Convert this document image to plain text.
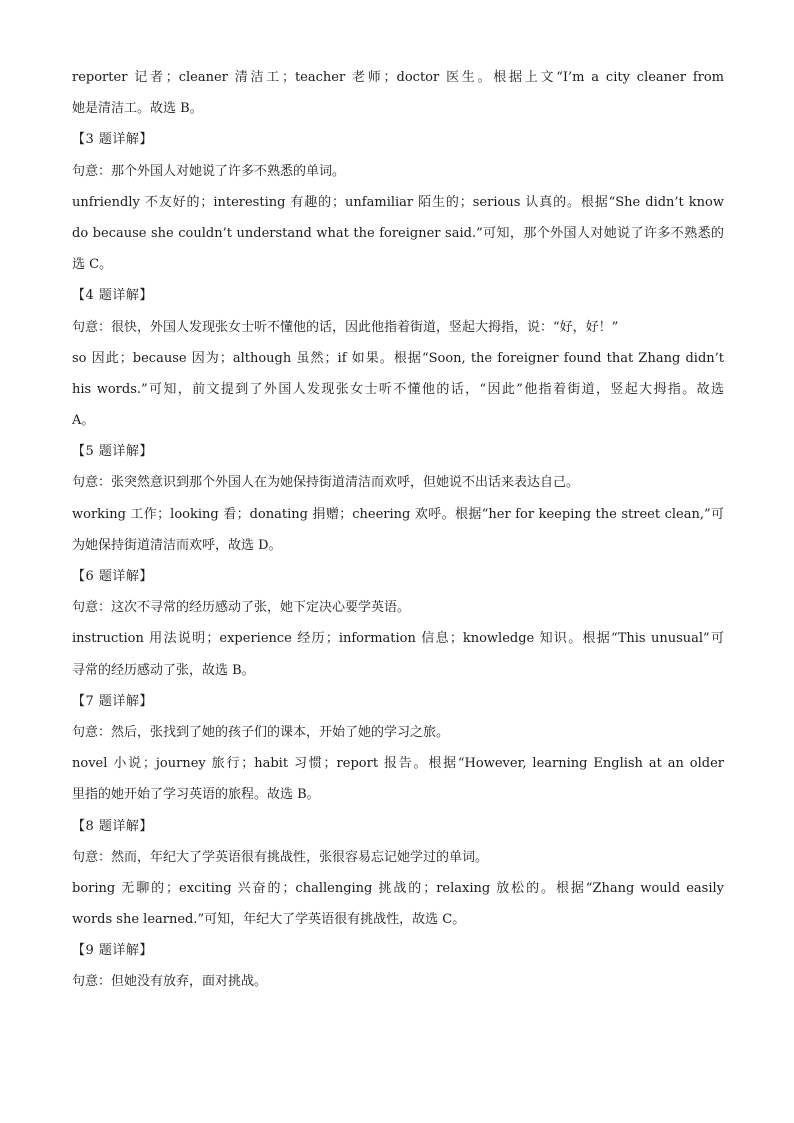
reporter 记者；cleaner 清洁工；teacher 老师；doctor 医生。根据上文“I’m a city cleaner from
她是清洁工。故选 B。
【3 题详解】
句意：那个外国人对她说了许多不熟悉的单词。
unfriendly 不友好的；interesting 有趣的；unfamiliar 陌生的；serious 认真的。根据“She didn’t know
do because she couldn’t understand what the foreigner said.”可知，那个外国人对她说了许多不熟悉的
选 C。
【4 题详解】
句意：很快，外国人发现张女士听不懂他的话，因此他指着街道，竖起大拇指，说：“好，好！”
so 因此；because 因为；although 虽然；if 如果。根据“Soon, the foreigner found that Zhang didn’t
his words.”可知，前文提到了外国人发现张女士听不懂他的话，“因此”他指着街道，竖起大拇指。故选
A。
【5 题详解】
句意：张突然意识到那个外国人在为她保持街道清洁而欢呼，但她说不出话来表达自己。
working 工作；looking 看；donating 捐赠；cheering 欢呼。根据“her for keeping the street clean,”可
为她保持街道清洁而欢呼，故选 D。
【6 题详解】
句意：这次不寻常的经历感动了张，她下定决心要学英语。
instruction 用法说明；experience 经历；information 信息；knowledge 知识。根据“This unusual”可
寻常的经历感动了张，故选 B。
【7 题详解】
句意：然后，张找到了她的孩子们的课本，开始了她的学习之旅。
novel 小说；journey 旅行；habit 习惯；report 报告。根据“However, learning English at an older
里指的她开始了学习英语的旅程。故选 B。
【8 题详解】
句意：然而，年纪大了学英语很有挑战性，张很容易忘记她学过的单词。
boring 无聊的；exciting 兴奋的；challenging 挑战的；relaxing 放松的。根据“Zhang would easily
words she learned.”可知，年纪大了学英语很有挑战性，故选 C。
【9 题详解】
句意：但她没有放弃，面对挑战。
